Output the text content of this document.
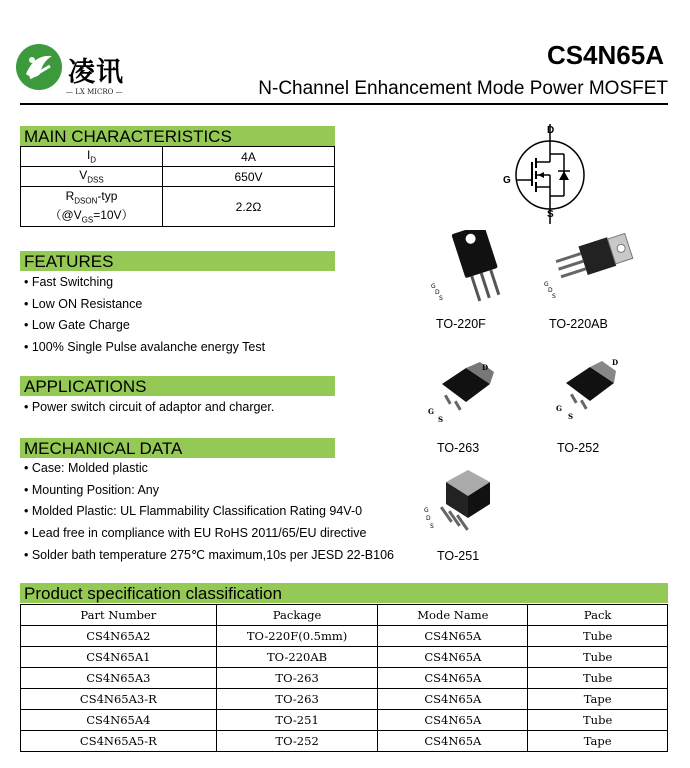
凌讯
— LX MICRO —
CS4N65A
N-Channel Enhancement Mode Power MOSFET
MAIN CHARACTERISTICS
$I_D$	4A
$V_{DSS}$	650V
$R_{DSON}$-typ
$(@V_{GS}=10V)$	2.2Ω
FEATURES
• Fast Switching
• Low ON Resistance
• Low Gate Charge
• 100% Single Pulse avalanche energy Test
APPLICATIONS
• Power switch circuit of adaptor and charger.
MECHANICAL DATA
• Case: Molded plastic
• Mounting Position: Any
• Molded Plastic: UL Flammability Classification Rating 94V-0
• Lead free in compliance with EU RoHS 2011/65/EU directive
• Solder bath temperature 275℃ maximum,10s per JESD 22-B106
D
G
S
G
D
S
TO-220F
G
D
S
TO-220AB
D
G
S
TO-263
D
G
S
TO-252
G
D
S
TO-251
Product specification classification
Part Number	Package	Mode Name	Pack
CS4N65A2	TO-220F(0.5mm)	CS4N65A	Tube
CS4N65A1	TO-220AB	CS4N65A	Tube
CS4N65A3	TO-263	CS4N65A	Tube
CS4N65A3-R	TO-263	CS4N65A	Tape
CS4N65A4	TO-251	CS4N65A	Tube
CS4N65A5-R	TO-252	CS4N65A	Tape
